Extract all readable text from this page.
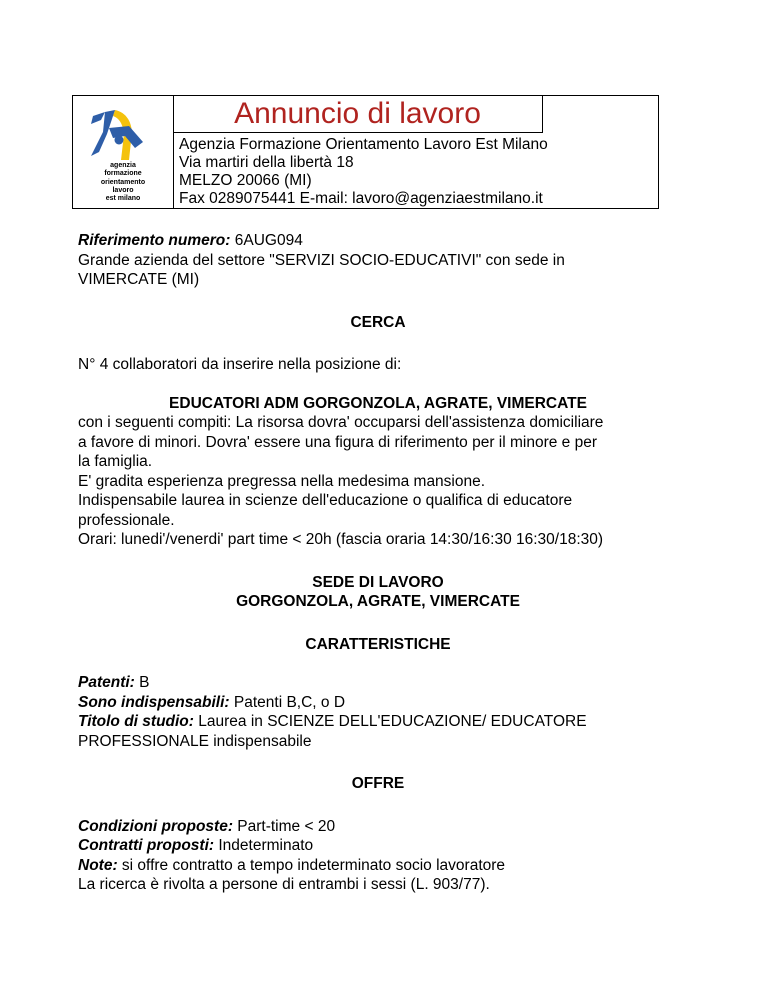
agenzia
formazione
orientamento
lavoro
est milano
Annuncio di lavoro
Agenzia Formazione Orientamento Lavoro Est Milano
Via martiri della libertà 18
MELZO 20066 (MI)
Fax 0289075441 E-mail: lavoro@agenziaestmilano.it

Riferimento numero: 6AUG094

Grande azienda del settore "SERVIZI SOCIO-EDUCATIVI" con sede in

VIMERCATE (MI)

CERCA

N° 4 collaboratori da inserire nella posizione di:

EDUCATORI ADM GORGONZOLA, AGRATE, VIMERCATE

con i seguenti compiti: La risorsa dovra' occuparsi dell'assistenza domiciliare

a favore di minori. Dovra' essere una figura di riferimento per il minore e per

la famiglia.

E' gradita esperienza pregressa nella medesima mansione.

Indispensabile laurea in scienze dell'educazione o qualifica di educatore

professionale.

Orari: lunedi'/venerdi' part time < 20h (fascia oraria 14:30/16:30 16:30/18:30)

SEDE DI LAVORO

GORGONZOLA, AGRATE, VIMERCATE

CARATTERISTICHE

Patenti: B

Sono indispensabili: Patenti B,C, o D

Titolo di studio: Laurea in SCIENZE DELL'EDUCAZIONE/ EDUCATORE

PROFESSIONALE indispensabile

OFFRE

Condizioni proposte: Part-time < 20

Contratti proposti: Indeterminato

Note: si offre contratto a tempo indeterminato socio lavoratore

La ricerca è rivolta a persone di entrambi i sessi (L. 903/77).
